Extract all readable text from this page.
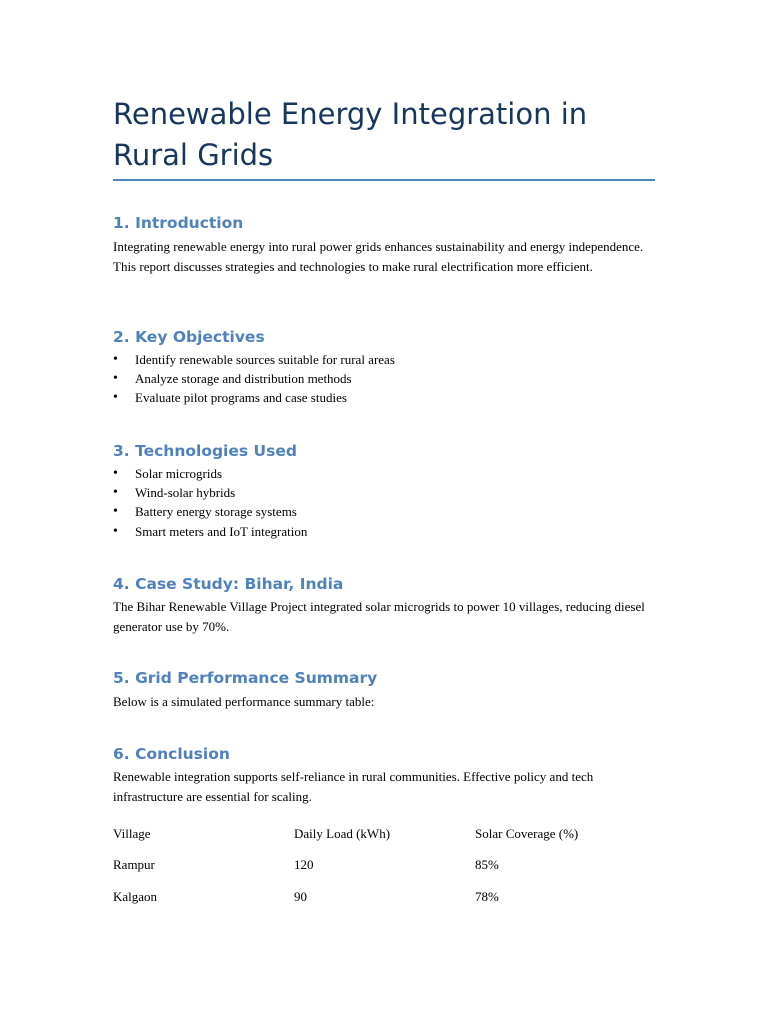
Renewable Energy Integration in Rural Grids
1. Introduction

Integrating renewable energy into rural power grids enhances sustainability and energy independence. This report discusses strategies and technologies to make rural electrification more efficient.

2. Key Objectives
• Identify renewable sources suitable for rural areas
• Analyze storage and distribution methods
• Evaluate pilot programs and case studies
3. Technologies Used
• Solar microgrids
• Wind-solar hybrids
• Battery energy storage systems
• Smart meters and IoT integration
4. Case Study: Bihar, India

The Bihar Renewable Village Project integrated solar microgrids to power 10 villages, reducing diesel generator use by 70%.

5. Grid Performance Summary

Below is a simulated performance summary table:

6. Conclusion

Renewable integration supports self-reliance in rural communities. Effective policy and tech infrastructure are essential for scaling.

Village	Daily Load (kWh)	Solar Coverage (%)
Rampur	120	85%
Kalgaon	90	78%
